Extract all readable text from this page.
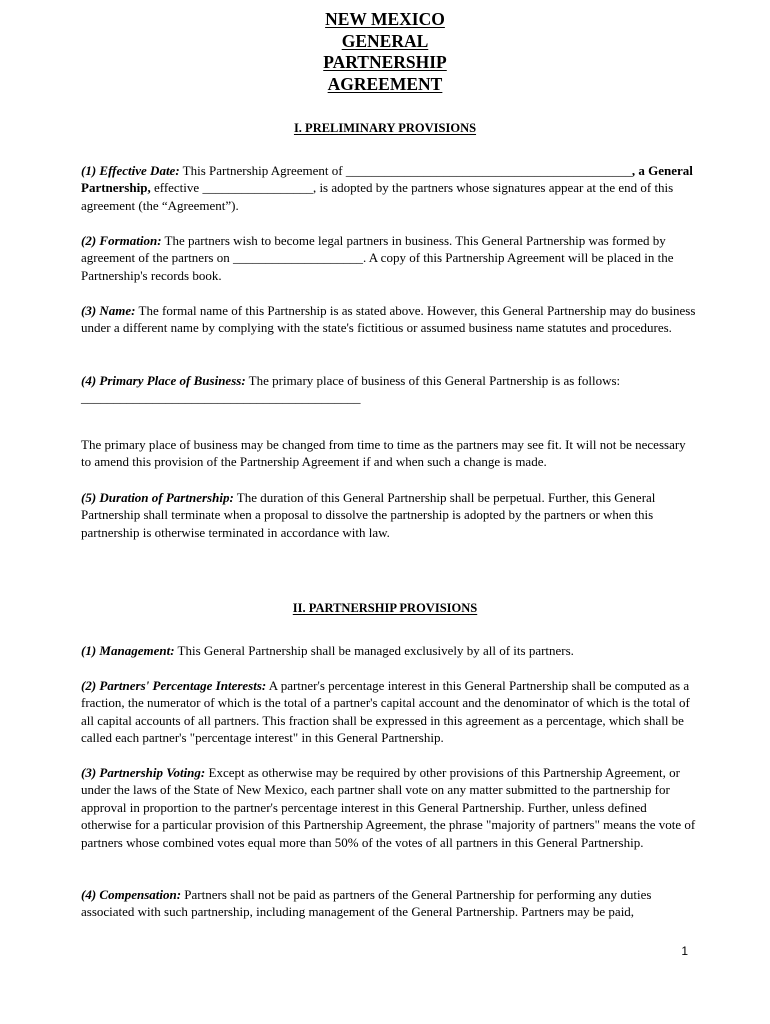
NEW MEXICO
GENERAL
PARTNERSHIP
AGREEMENT
I. PRELIMINARY PROVISIONS

(1) Effective Date: This Partnership Agreement of ____________________________________________, a General Partnership, effective _________________, is adopted by the partners whose signatures appear at the end of this agreement (the “Agreement”).

(2) Formation: The partners wish to become legal partners in business. This General Partnership was formed by agreement of the partners on ____________________. A copy of this Partnership Agreement will be placed in the Partnership's records book.

(3) Name: The formal name of this Partnership is as stated above. However, this General Partnership may do business under a different name by complying with the state's fictitious or assumed business name statutes and procedures.

(4) Primary Place of Business: The primary place of business of this General Partnership is as follows:
___________________________________________

The primary place of business may be changed from time to time as the partners may see fit. It will not be necessary to amend this provision of the Partnership Agreement if and when such a change is made.

(5) Duration of Partnership: The duration of this General Partnership shall be perpetual. Further, this General Partnership shall terminate when a proposal to dissolve the partnership is adopted by the partners or when this partnership is otherwise terminated in accordance with law.

II. PARTNERSHIP PROVISIONS

(1) Management: This General Partnership shall be managed exclusively by all of its partners.

(2) Partners' Percentage Interests: A partner's percentage interest in this General Partnership shall be computed as a fraction, the numerator of which is the total of a partner's capital account and the denominator of which is the total of all capital accounts of all partners. This fraction shall be expressed in this agreement as a percentage, which shall be called each partner's "percentage interest" in this General Partnership.

(3) Partnership Voting: Except as otherwise may be required by other provisions of this Partnership Agreement, or under the laws of the State of New Mexico, each partner shall vote on any matter submitted to the partnership for approval in proportion to the partner's percentage interest in this General Partnership. Further, unless defined otherwise for a particular provision of this Partnership Agreement, the phrase "majority of partners" means the vote of partners whose combined votes equal more than 50% of the votes of all partners in this General Partnership.

(4) Compensation: Partners shall not be paid as partners of the General Partnership for performing any duties associated with such partnership, including management of the General Partnership. Partners may be paid,

1
